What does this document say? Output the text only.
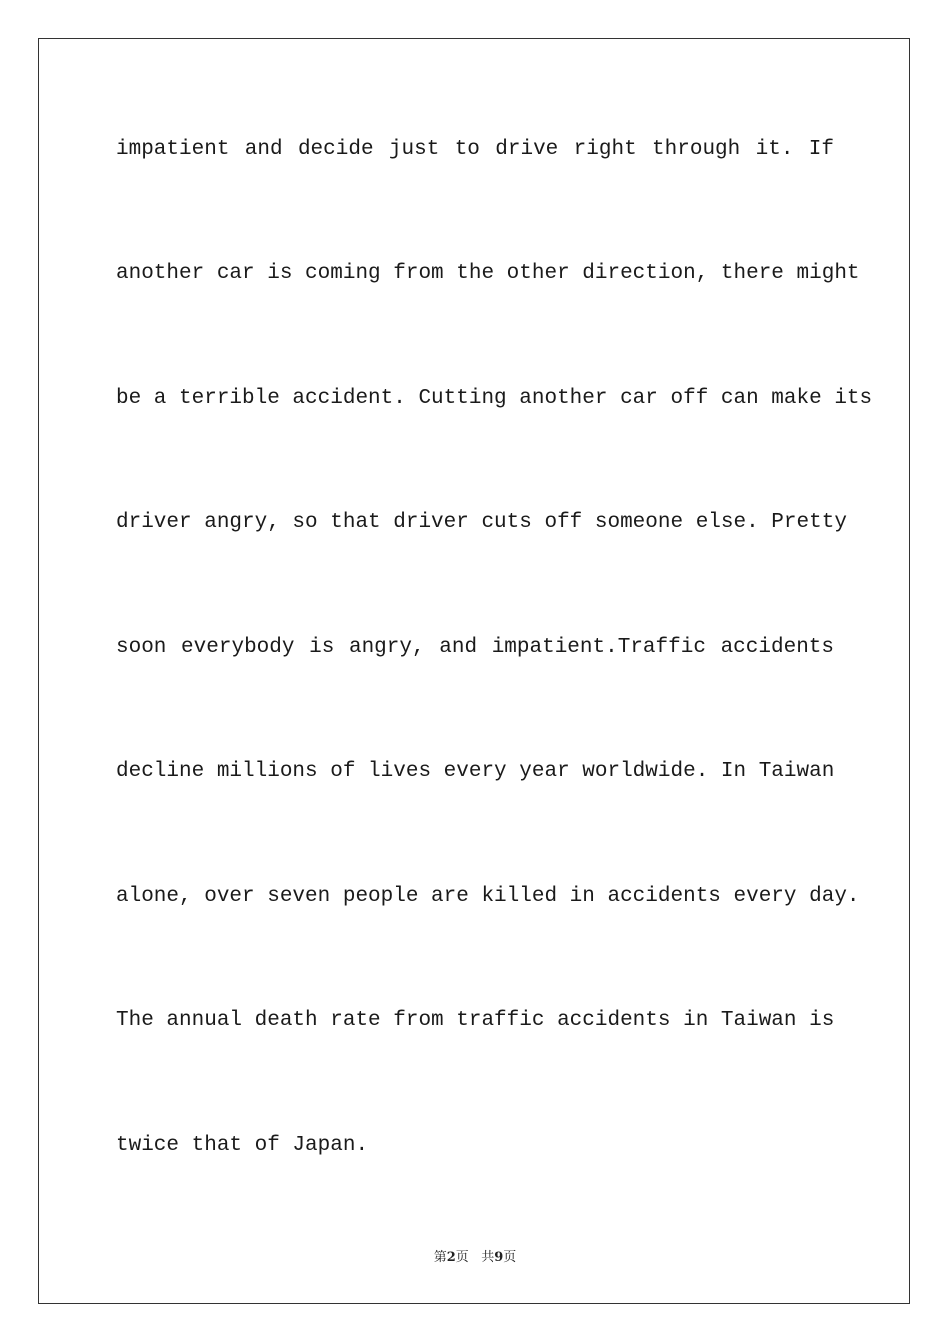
impatient and decide just to drive right through it. If
another car is coming from the other direction, there might
be a terrible accident. Cutting another car off can make its
driver angry, so that driver cuts off someone else. Pretty
soon everybody is angry, and impatient.Traffic accidents
decline millions of lives every year worldwide. In Taiwan
alone, over seven people are killed in accidents every day.
The annual death rate from traffic accidents in Taiwan is
twice that of Japan.
第2页 共9页
